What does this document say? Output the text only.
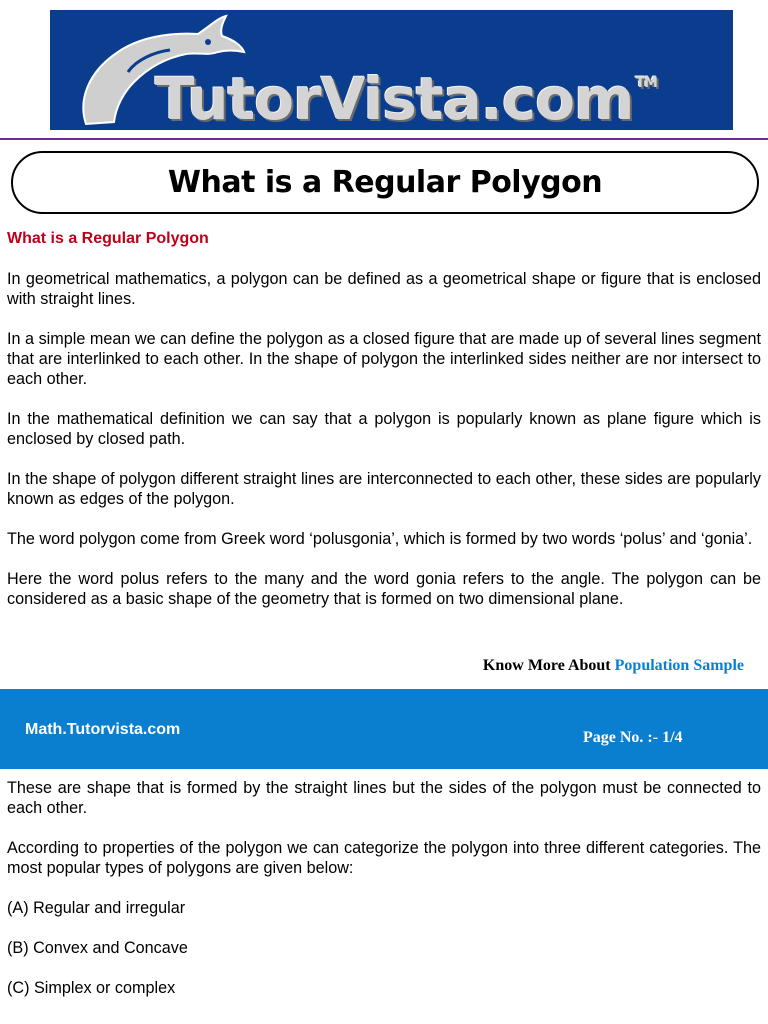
TutorVista.com ™
What is a Regular Polygon

What is a Regular Polygon

In geometrical mathematics, a polygon can be defined as a geometrical shape or figure that is enclosed with straight lines.

In a simple mean we can define the polygon as a closed figure that are made up of several lines segment that are interlinked to each other. In the shape of polygon the interlinked sides neither are nor intersect to each other.

In the mathematical definition we can say that a polygon is popularly known as plane figure which is enclosed by closed path.

In the shape of polygon different straight lines are interconnected to each other, these sides are popularly known as edges of the polygon.

The word polygon come from Greek word ‘polusgonia’, which is formed by two words ‘polus’ and ‘gonia’.

Here the word polus refers to the many and the word gonia refers to the angle. The polygon can be considered as a basic shape of the geometry that is formed on two dimensional plane.

Know More About Population Sample
Math.Tutorvista.com	Page No. :- 1/4

These are shape that is formed by the straight lines but the sides of the polygon must be connected to each other.

According to properties of the polygon we can categorize the polygon into three different categories. The most popular types of polygons are given below:

(A) Regular and irregular

(B) Convex and Concave

(C) Simplex or complex
